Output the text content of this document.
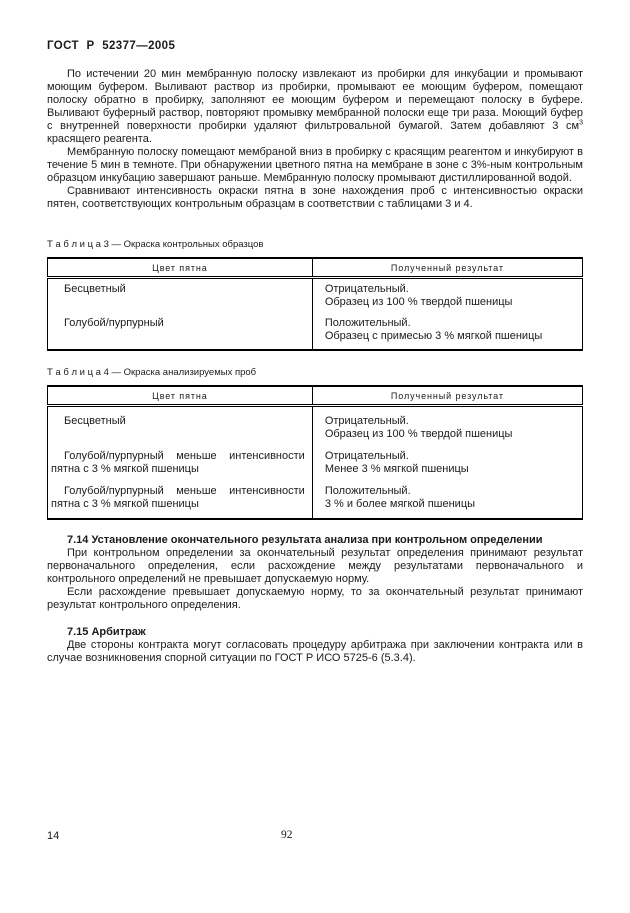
ГОСТ Р 52377—2005

По истечении 20 мин мембранную полоску извлекают из пробирки для инкубации и промывают моющим буфером. Выливают раствор из пробирки, промывают ее моющим буфером, помещают полоску обратно в пробирку, заполняют ее моющим буфером и перемещают полоску в буфере. Выливают буферный раствор, повторяют промывку мембранной полоски еще три раза. Моющий буфер с внутренней поверхности пробирки удаляют фильтровальной бумагой. Затем добавляют 3 $см^3$ красящего реагента.

Мембранную полоску помещают мембраной вниз в пробирку с красящим реагентом и инкубируют в течение 5 мин в темноте. При обнаружении цветного пятна на мембране в зоне с 3%-ным контрольным образцом инкубацию завершают раньше. Мембранную полоску промывают дистиллированной водой.

Сравнивают интенсивность окраски пятна в зоне нахождения проб с интенсивностью окраски пятен, соответствующих контрольным образцам в соответствии с таблицами 3 и 4.

Т а б л и ц а 3 — Окраска контрольных образцов
Цвет пятна	Полученный результат

Бесцветный	Отрицательный.
Образец из 100 % твердой пшеницы

Голубой/пурпурный	Положительный.
Образец с примесью 3 % мягкой пшеницы
Т а б л и ц а 4 — Окраска анализируемых проб
Цвет пятна	Полученный результат

Бесцветный	Отрицательный.
Образец из 100 % твердой пшеницы

Голубой/пурпурный меньше интенсивности пятна с 3 % мягкой пшеницы	Отрицательный.
Менее 3 % мягкой пшеницы

Голубой/пурпурный меньше интенсивности пятна с 3 % мягкой пшеницы	Положительный.
3 % и более мягкой пшеницы

7.14 Установление окончательного результата анализа при контрольном определении

При контрольном определении за окончательный результат определения принимают результат первоначального определения, если расхождение между результатами первоначального и контрольного определений не превышает допускаемую норму.

Если расхождение превышает допускаемую норму, то за окончательный результат принимают результат контрольного определения.

7.15 Арбитраж

Две стороны контракта могут согласовать процедуру арбитража при заключении контракта или в случае возникновения спорной ситуации по ГОСТ Р ИСО 5725-6 (5.3.4).

14	92
